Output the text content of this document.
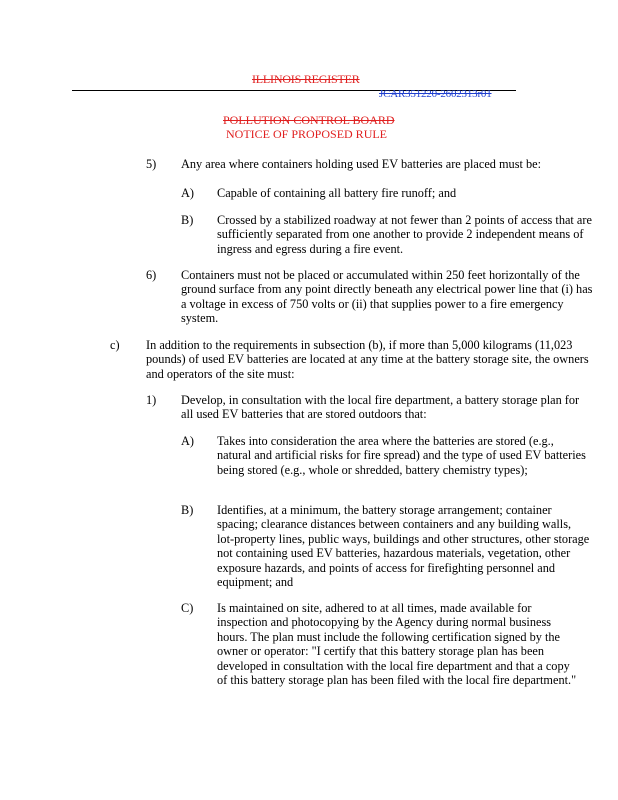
ILLINOIS REGISTER
JCAR351220-2602313r01
POLLUTION CONTROL BOARD
NOTICE OF PROPOSED RULE
5) Any area where containers holding used EV batteries are placed must be:
A) Capable of containing all battery fire runoff; and
B) Crossed by a stabilized roadway at not fewer than 2 points of access that are sufficiently separated from one another to provide 2 independent means of ingress and egress during a fire event.
6) Containers must not be placed or accumulated within 250 feet horizontally of the ground surface from any point directly beneath any electrical power line that (i) has a voltage in excess of 750 volts or (ii) that supplies power to a fire emergency system.
c) In addition to the requirements in subsection (b), if more than 5,000 kilograms (11,023 pounds) of used EV batteries are located at any time at the battery storage site, the owners and operators of the site must:
1) Develop, in consultation with the local fire department, a battery storage plan for all used EV batteries that are stored outdoors that:
A) Takes into consideration the area where the batteries are stored (e.g., natural and artificial risks for fire spread) and the type of used EV batteries being stored (e.g., whole or shredded, battery chemistry types);
B) Identifies, at a minimum, the battery storage arrangement; container spacing; clearance distances between containers and any building walls, lot-property lines, public ways, buildings and other structures, other storage not containing used EV batteries, hazardous materials, vegetation, other exposure hazards, and points of access for firefighting personnel and equipment; and
C) Is maintained on site, adhered to at all times, made available for inspection and photocopying by the Agency during normal business hours. The plan must include the following certification signed by the owner or operator: "I certify that this battery storage plan has been developed in consultation with the local fire department and that a copy of this battery storage plan has been filed with the local fire department."
